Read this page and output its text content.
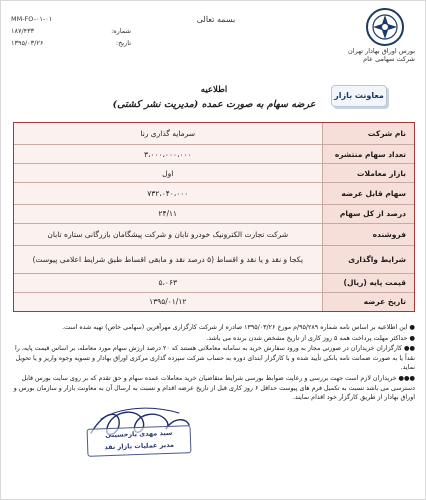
بورس اوراق بهادار تهران
شرکت سهامی عام
بسمه تعالی
MM-FO-۰۱-۰۱
۱۸۷/۴۳۳	شماره:
۱۳۹۵/۰۳/۲۶	تاریخ:
معاونت بازار
اطلاعیه
عرضه سهام به صورت عمده (مدیریت نشر کشتی)
نام شرکت	سرمایه گذاری رنا
تعداد سهام منتشره	۳،۰۰۰،۰۰۰،۰۰۰
بازار معاملات	اول
سهام قابل عرضه	۷۳۲،۰۴۰،۰۰۰
درصد از کل سهام	۲۴/۱۱
فروشنده	شرکت تجارت الکترونیک خودرو تابان و شرکت پیشگامان بازرگانی ستاره تابان
شرایط واگذاری	یکجا و نقد و یا نقد و اقساط (۵ درصد نقد و مابقی اقساط طبق شرایط اعلامی پیوست)
قیمت پایه (ریال)	۵،۰۶۳
تاریخ عرضه	۱۳۹۵/۰۱/۱۲

● این اطلاعیه بر اساس نامه شماره ۹۵/۲۸۹/م مورخ ۱۳۹۵/۰۳/۲۶ صادره از شرکت کارگزاری مهرآفرین (سهامی خاص) تهیه شده است.

● حداکثر مهلت پرداخت همه ۵ روز کاری از تاریخ مشخص شدن برنده می باشد.

●● کارگزاران خریداران در صورتی مجاز به ورود سفارش خرید به سامانه معاملاتی هستند که ۲۰ درصد ارزش سهام مورد معامله، بر اساس قیمت پایه، را نقداً یا به صورت ضمانت نامه بانکی تأیید شده و با کارگزار ابتدای دوره به حساب شرکت سپرده گذاری مرکزی اوراق بهادار و تسویه وجوه واریز و یا تحویل نماید.

●●● خریداران لازم است جهت بررسی و رعایت ضوابط بورسی شرایط متقاضیان خرید معاملات عمده سهام و حق تقدم که بر روی سایت بورس قابل دسترسی می باشد نسبت به تکمیل فرم های پیوست حداقل ۶ روز کاری قبل از تاریخ عرضه اقدام و نسبت به ارسال آن به معاونت بازار و سازمان بورس و اوراق بهادار از طریق کارگزار خود اقدام نمایند.

سید مهدی یارحسینی
مدیر عملیات بازار نقد
